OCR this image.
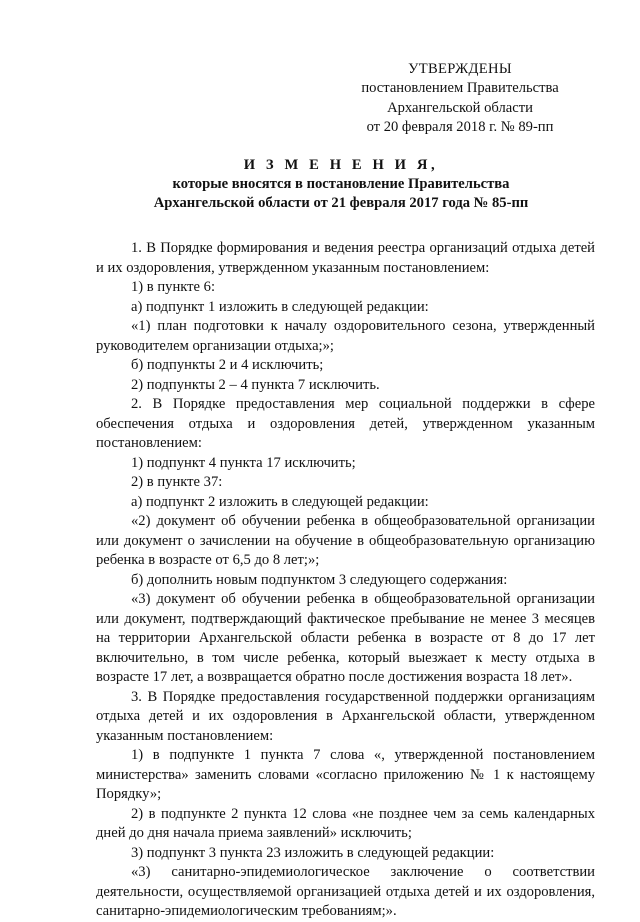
УТВЕРЖДЕНЫ
постановлением Правительства
Архангельской области
от 20 февраля 2018 г. № 89-пп
И З М Е Н Е Н И Я,
которые вносятся в постановление Правительства
Архангельской области от 21 февраля 2017 года № 85-пп

1. В Порядке формирования и ведения реестра организаций отдыха детей и их оздоровления, утвержденном указанным постановлением:

1) в пункте 6:

а) подпункт 1 изложить в следующей редакции:

«1) план подготовки к началу оздоровительного сезона, утвержденный руководителем организации отдыха;»;

б) подпункты 2 и 4 исключить;

2) подпункты 2 – 4 пункта 7 исключить.

2. В Порядке предоставления мер социальной поддержки в сфере обеспечения отдыха и оздоровления детей, утвержденном указанным постановлением:

1) подпункт 4 пункта 17 исключить;

2) в пункте 37:

а) подпункт 2 изложить в следующей редакции:

«2) документ об обучении ребенка в общеобразовательной организации или документ о зачислении на обучение в общеобразовательную организацию ребенка в возрасте от 6,5 до 8 лет;»;

б) дополнить новым подпунктом 3 следующего содержания:

«3) документ об обучении ребенка в общеобразовательной организации или документ, подтверждающий фактическое пребывание не менее 3 месяцев на территории Архангельской области ребенка в возрасте от 8 до 17 лет включительно, в том числе ребенка, который выезжает к месту отдыха в возрасте 17 лет, а возвращается обратно после достижения возраста 18 лет».

3. В Порядке предоставления государственной поддержки организациям отдыха детей и их оздоровления в Архангельской области, утвержденном указанным постановлением:

1) в подпункте 1 пункта 7 слова «, утвержденной постановлением министерства» заменить словами «согласно приложению № 1 к настоящему Порядку»;

2) в подпункте 2 пункта 12 слова «не позднее чем за семь календарных дней до дня начала приема заявлений» исключить;

3) подпункт 3 пункта 23 изложить в следующей редакции:

«3) санитарно-эпидемиологическое заключение о соответствии деятельности, осуществляемой организацией отдыха детей и их оздоровления, санитарно-эпидемиологическим требованиям;».
